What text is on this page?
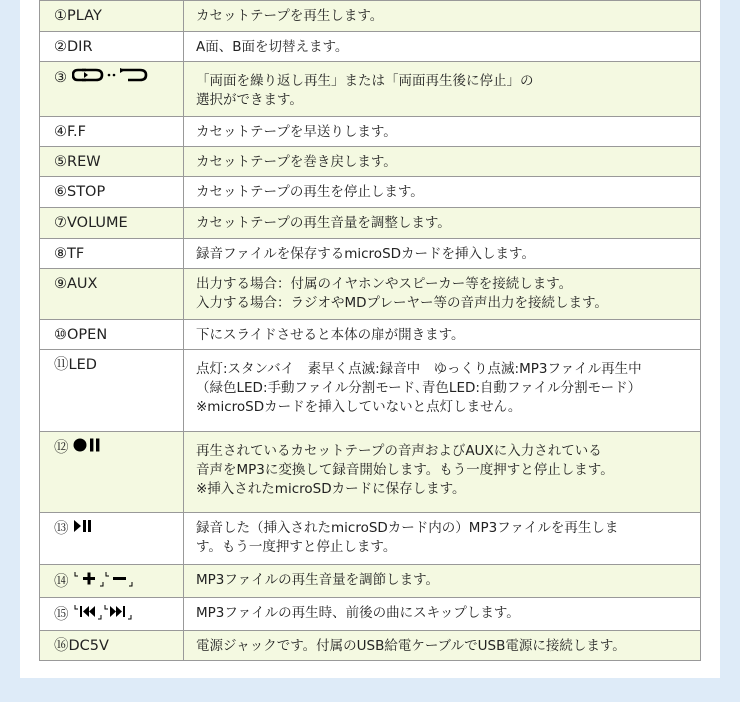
①PLAY	カセットテープを再生します。

②DIR	A面、B面を切替えます。

③	「両面を繰り返し再生」または「両面再生後に停止」の
選択ができます。

④F.F	カセットテープを早送りします。

⑤REW	カセットテープを巻き戻します。

⑥STOP	カセットテープの再生を停止します。

⑦VOLUME	カセットテープの再生音量を調整します。

⑧TF	録音ファイルを保存するmicroSDカードを挿入します。

⑨AUX	出力する場合：付属のイヤホンやスピーカー等を接続します。
入力する場合：ラジオやMDプレーヤー等の音声出力を接続します。

⑩OPEN	下にスライドさせると本体の扉が開きます。

⑪LED	点灯:スタンバイ　素早く点滅:録音中　ゆっくり点滅:MP3ファイル再生中
（緑色LED:手動ファイル分割モード､青色LED:自動ファイル分割モード）
※microSDカードを挿入していないと点灯しません。

⑫	再生されているカセットテープの音声およびAUXに入力されている
音声をMP3に変換して録音開始します。もう一度押すと停止します。
※挿入されたmicroSDカードに保存します。

⑬	録音した（挿入されたmicroSDカード内の）MP3ファイルを再生しま
す。もう一度押すと停止します。

⑭	MP3ファイルの再生音量を調節します。

⑮	MP3ファイルの再生時、前後の曲にスキップします。

⑯DC5V	電源ジャックです。付属のUSB給電ケーブルでUSB電源に接続します。
